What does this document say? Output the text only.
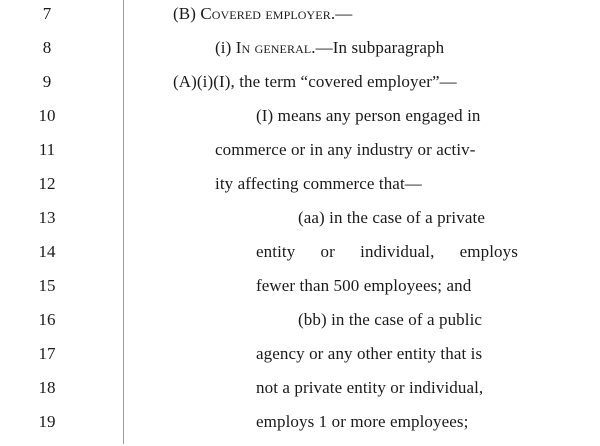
7	(B) Covered employer.—
8	(i) In general.—In subparagraph
9	(A)(i)(I), the term “covered employer”—
10	(I) means any person engaged in
11	commerce or in any industry or activ-
12	ity affecting commerce that—
13	(aa) in the case of a private
14	entity or individual, employs
15	fewer than 500 employees; and
16	(bb) in the case of a public
17	agency or any other entity that is
18	not a private entity or individual,
19	employs 1 or more employees;
